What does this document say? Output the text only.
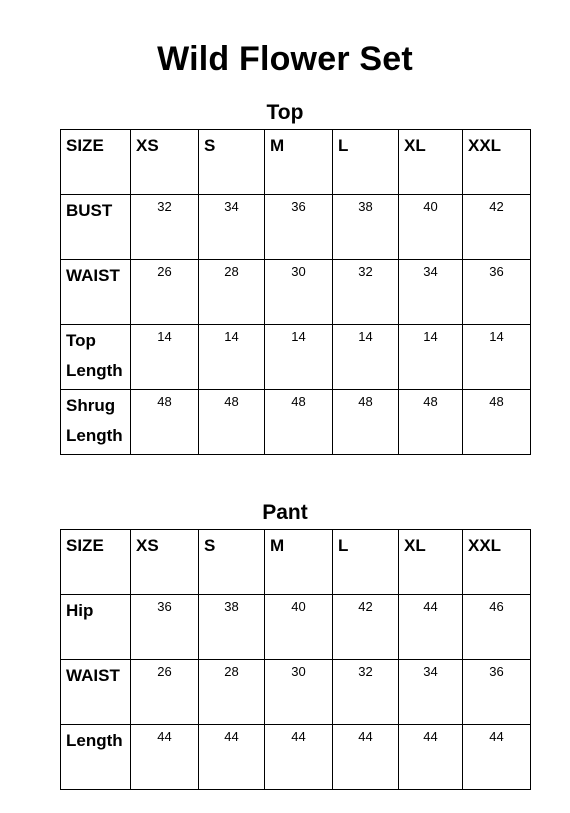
Wild Flower Set
Top
SIZE	XS	S	M	L	XL	XXL
BUST	32	34	36	38	40	42
WAIST	26	28	30	32	34	36
Top Length	14	14	14	14	14	14
Shrug Length	48	48	48	48	48	48
Pant
SIZE	XS	S	M	L	XL	XXL
Hip	36	38	40	42	44	46
WAIST	26	28	30	32	34	36
Length	44	44	44	44	44	44
